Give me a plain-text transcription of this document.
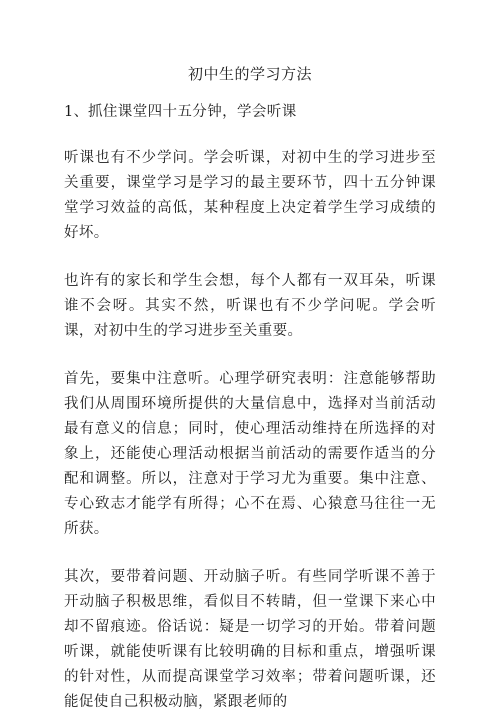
初中生的学习方法
1、抓住课堂四十五分钟，学会听课

听课也有不少学问。学会听课，对初中生的学习进步至关重要，课堂学习是学习的最主要环节，四十五分钟课堂学习效益的高低，某种程度上决定着学生学习成绩的好坏。

也许有的家长和学生会想，每个人都有一双耳朵，听课谁不会呀。其实不然，听课也有不少学问呢。学会听课，对初中生的学习进步至关重要。

首先，要集中注意听。心理学研究表明：注意能够帮助我们从周围环境所提供的大量信息中，选择对当前活动最有意义的信息；同时，使心理活动维持在所选择的对象上，还能使心理活动根据当前活动的需要作适当的分配和调整。所以，注意对于学习尤为重要。集中注意、专心致志才能学有所得；心不在焉、心猿意马往往一无所获。

其次，要带着问题、开动脑子听。有些同学听课不善于开动脑子积极思维，看似目不转睛，但一堂课下来心中却不留痕迹。俗话说：疑是一切学习的开始。带着问题听课，就能使听课有比较明确的目标和重点，增强听课的针对性，从而提高课堂学习效率；带着问题听课，还能促使自己积极动脑，紧跟老师的
